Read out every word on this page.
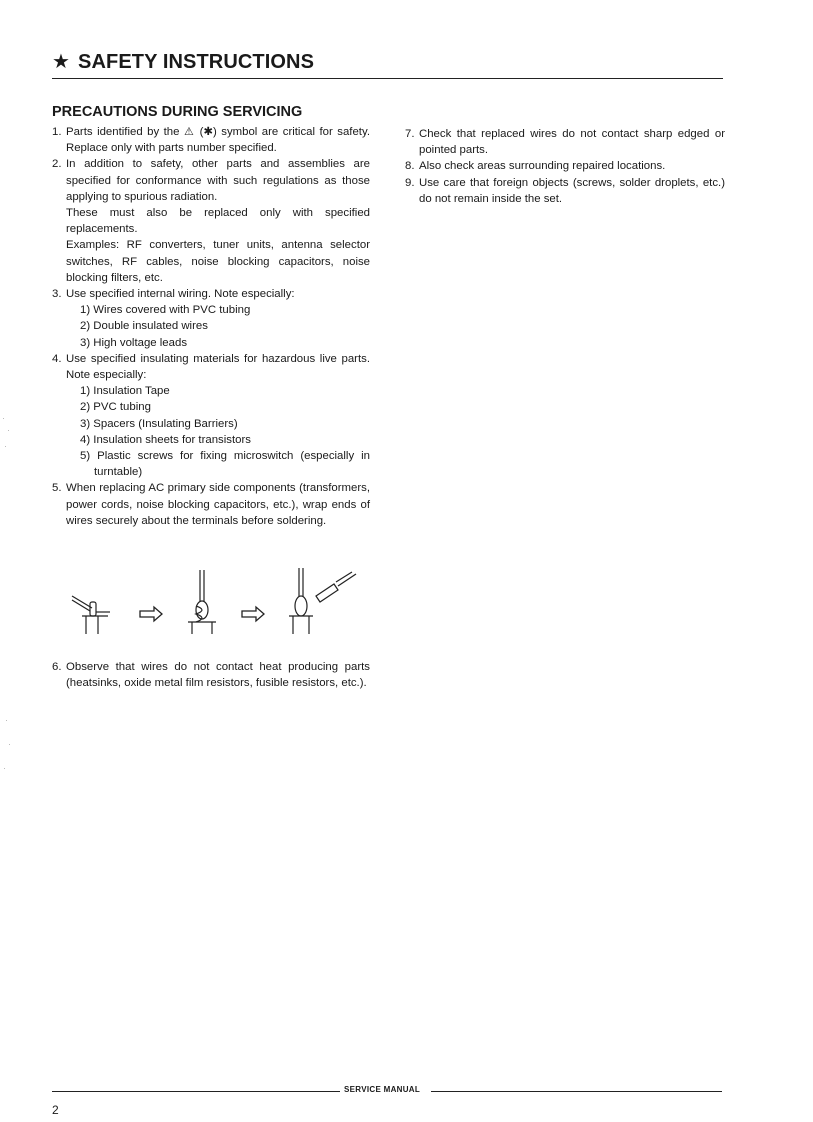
★ SAFETY INSTRUCTIONS
PRECAUTIONS DURING SERVICING
1. Parts identified by the ⚠ (✱) symbol are critical for safety. Replace only with parts number specified.
2. In addition to safety, other parts and assemblies are specified for conformance with such regulations as those applying to spurious radiation.
These must also be replaced only with specified replacements.
Examples: RF converters, tuner units, antenna selector switches, RF cables, noise blocking capacitors, noise blocking filters, etc.
3. Use specified internal wiring. Note especially:
1) Wires covered with PVC tubing
2) Double insulated wires
3) High voltage leads
4. Use specified insulating materials for hazardous live parts. Note especially:
1) Insulation Tape
2) PVC tubing
3) Spacers (Insulating Barriers)
4) Insulation sheets for transistors
5) Plastic screws for fixing microswitch (especially in turntable)
5. When replacing AC primary side components (transformers, power cords, noise blocking capacitors, etc.), wrap ends of wires securely about the terminals before soldering.
6. Observe that wires do not contact heat producing parts (heatsinks, oxide metal film resistors, fusible resistors, etc.).
7. Check that replaced wires do not contact sharp edged or pointed parts.
8. Also check areas surrounding repaired locations.
9. Use care that foreign objects (screws, solder droplets, etc.) do not remain inside the set.
SERVICE MANUAL
2
